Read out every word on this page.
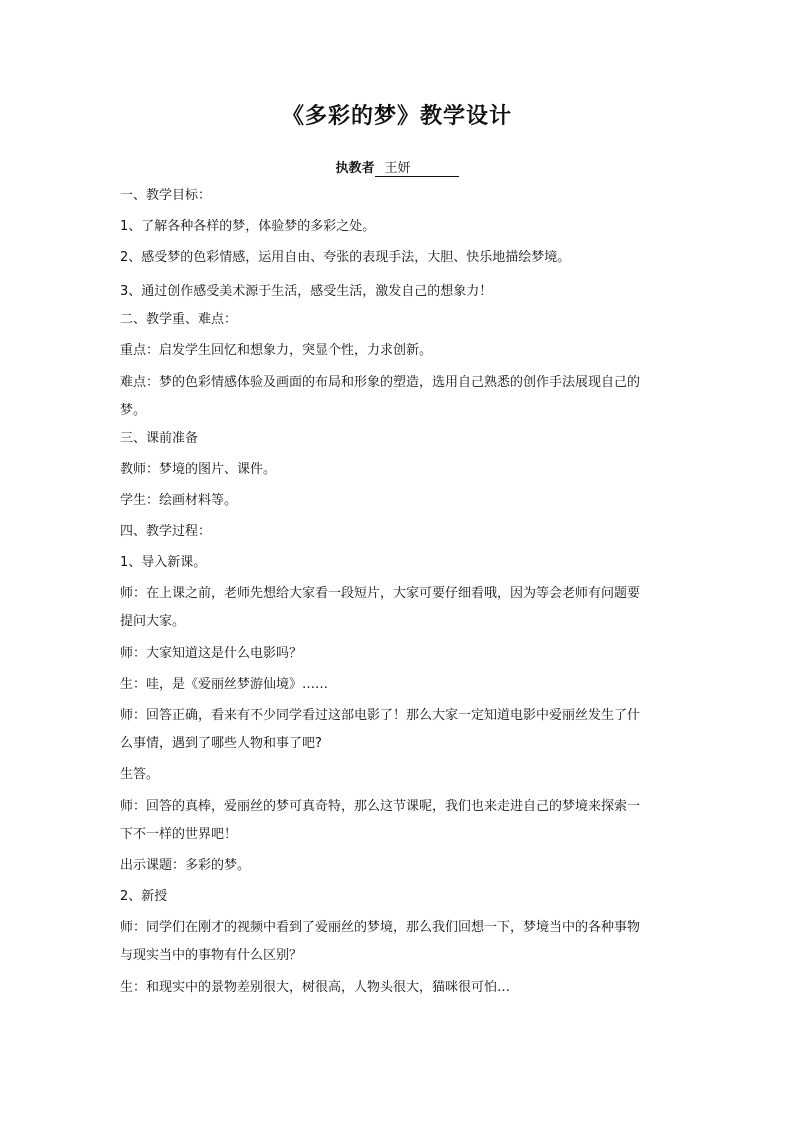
《多彩的梦》教学设计
执教者 王妍
一、教学目标：
1、了解各种各样的梦，体验梦的多彩之处。
2、感受梦的色彩情感，运用自由、夸张的表现手法，大胆、快乐地描绘梦境。
3、通过创作感受美术源于生活，感受生活，激发自己的想象力！
二、教学重、难点：
重点：启发学生回忆和想象力，突显个性，力求创新。
难点：梦的色彩情感体验及画面的布局和形象的塑造，选用自己熟悉的创作手法展现自己的
梦。
三、课前准备
教师：梦境的图片、课件。
学生：绘画材料等。
四、教学过程：
1、导入新课。
师：在上课之前，老师先想给大家看一段短片，大家可要仔细看哦，因为等会老师有问题要
提问大家。
师：大家知道这是什么电影吗？
生：哇，是《爱丽丝梦游仙境》……
师：回答正确，看来有不少同学看过这部电影了！那么大家一定知道电影中爱丽丝发生了什
么事情，遇到了哪些人物和事了吧?
生答。
师：回答的真棒，爱丽丝的梦可真奇特，那么这节课呢，我们也来走进自己的梦境来探索一
下不一样的世界吧！
出示课题：多彩的梦。
2、新授
师：同学们在刚才的视频中看到了爱丽丝的梦境，那么我们回想一下，梦境当中的各种事物
与现实当中的事物有什么区别？
生：和现实中的景物差别很大，树很高，人物头很大，猫咪很可怕…
